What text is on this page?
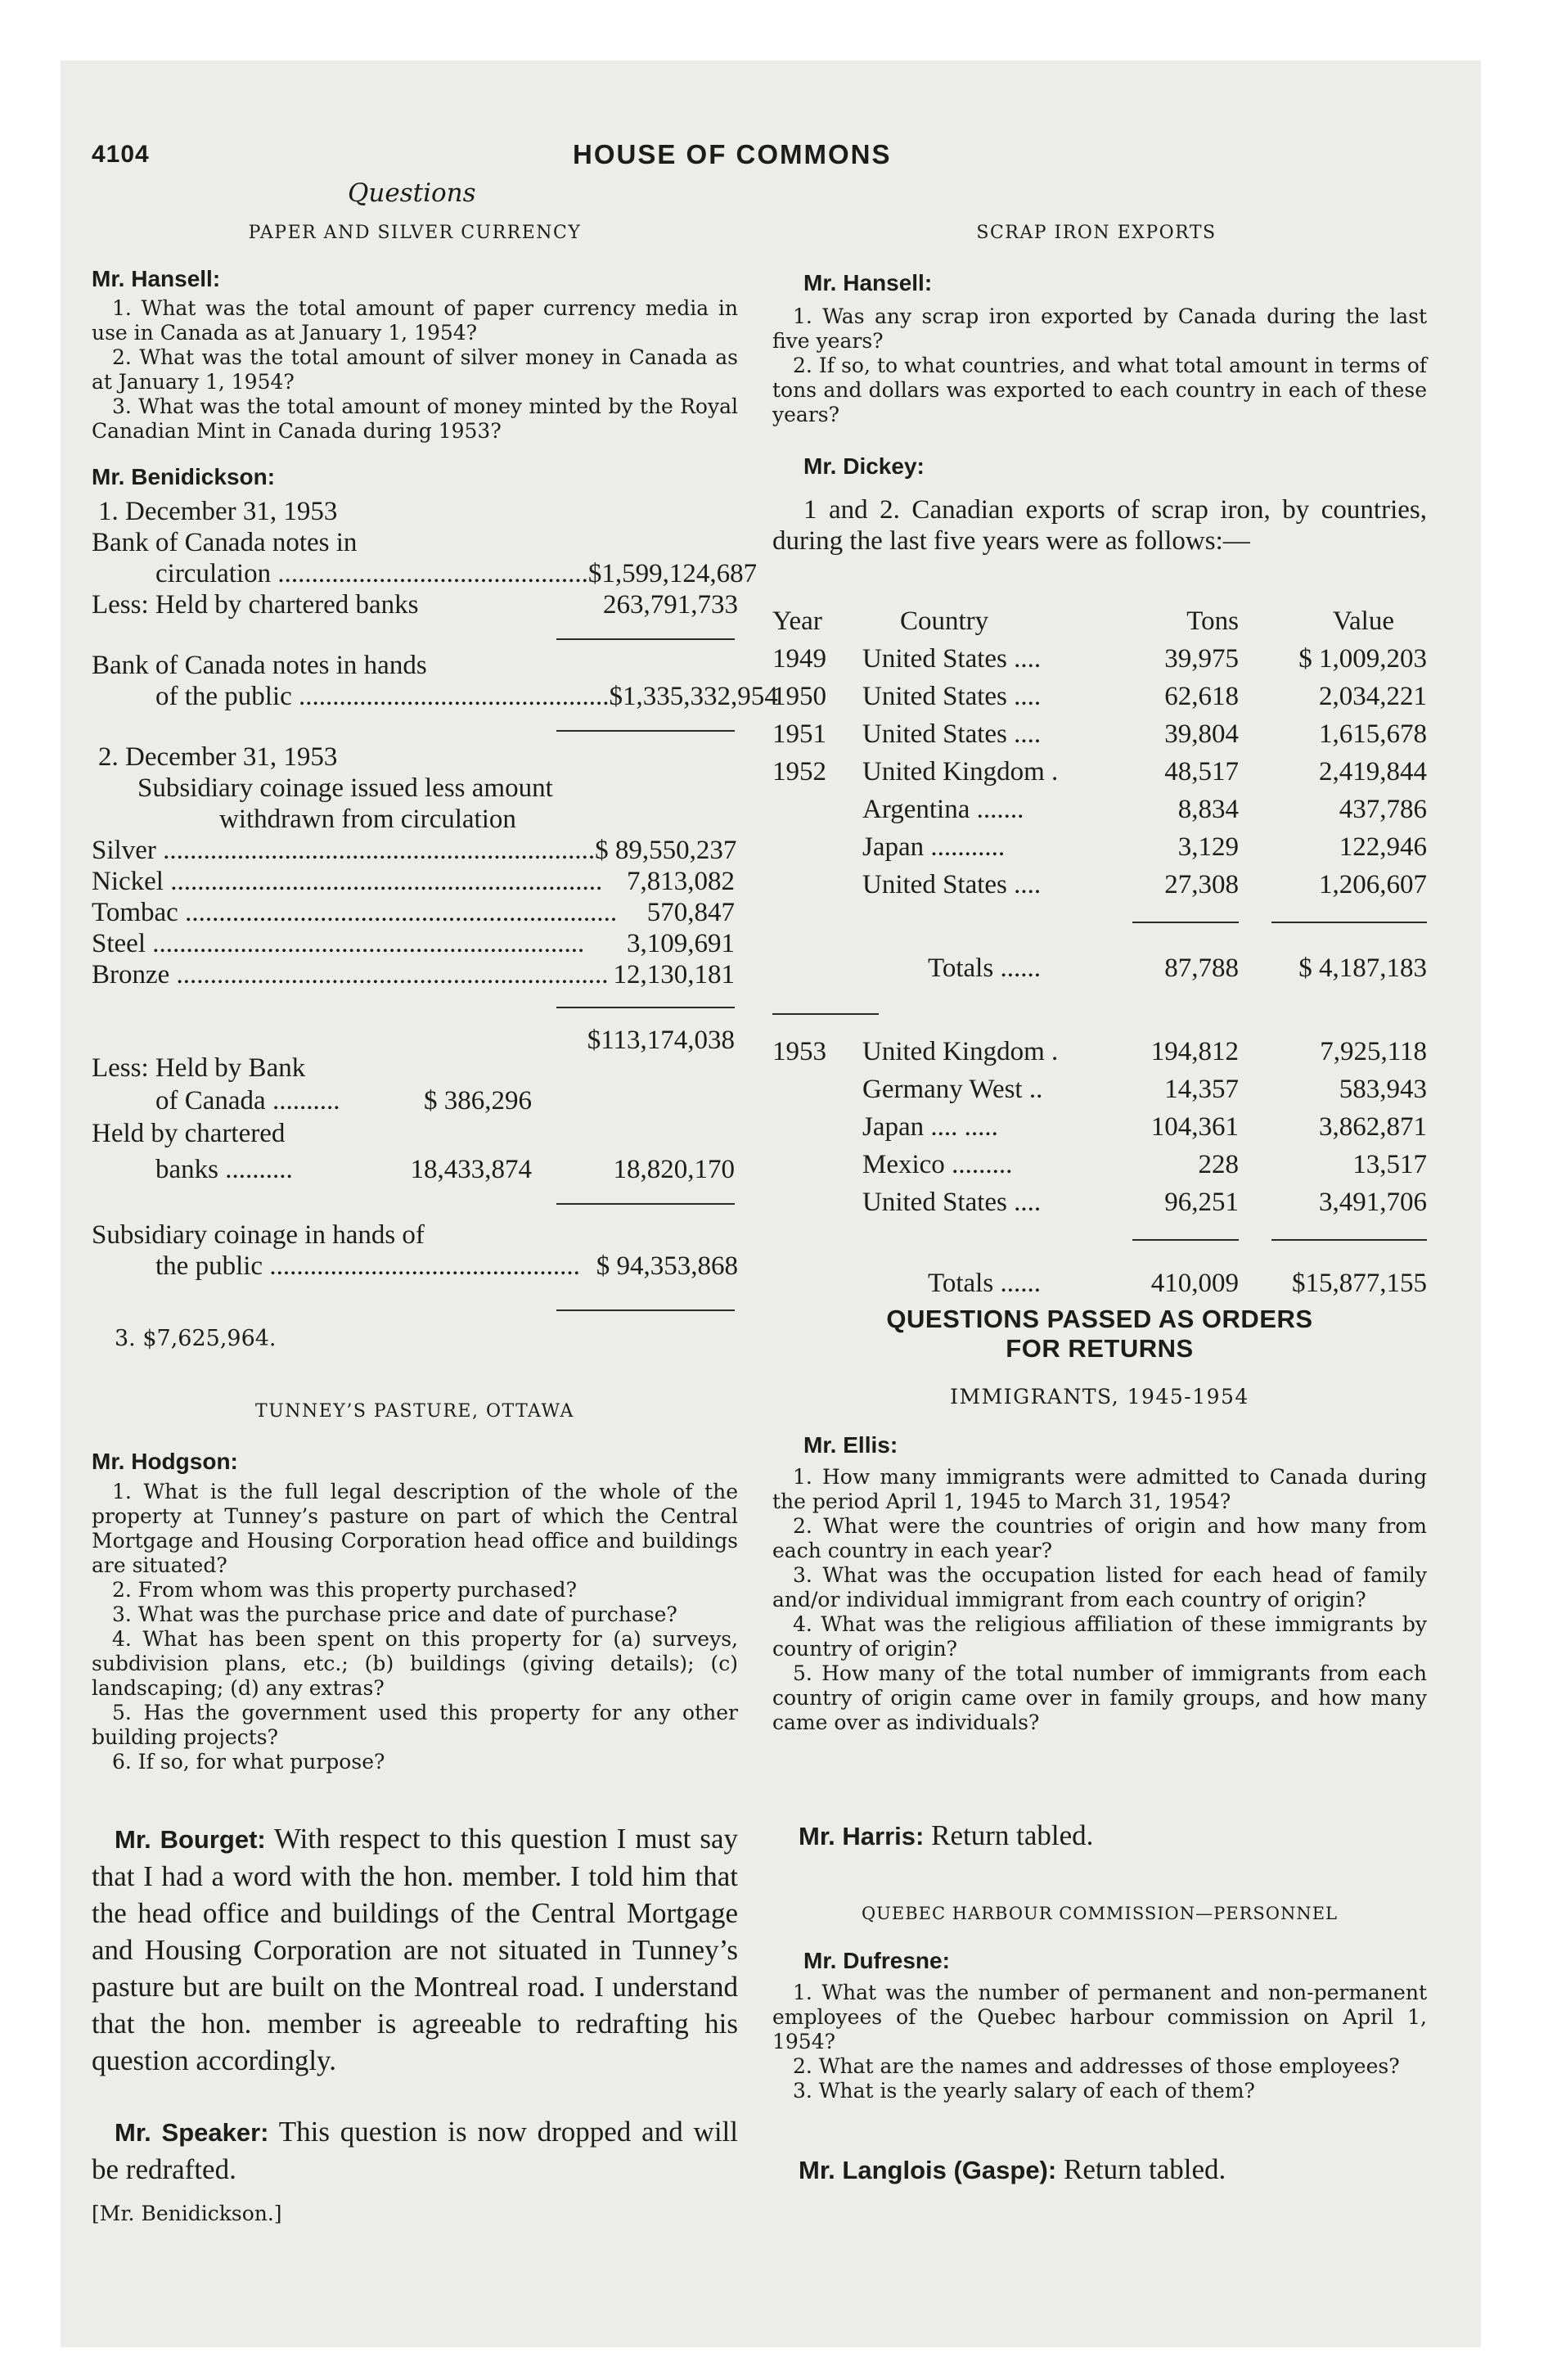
4104	HOUSE OF COMMONS
Questions
PAPER AND SILVER CURRENCY
Mr. Hansell:

1. What was the total amount of paper currency media in use in Canada as at January 1, 1954?

2. What was the total amount of silver money in Canada as at January 1, 1954?

3. What was the total amount of money minted by the Royal Canadian Mint in Canada during 1953?

Mr. Benidickson:
1. December 31, 1953
Bank of Canada notes in
circulation .............................................. $1,599,124,687
Less: Held by chartered banks	263,791,733
Bank of Canada notes in hands
of the public .............................................. $1,335,332,954
2. December 31, 1953
Subsidiary coinage issued less amount
withdrawn from circulation
Silver ................................................................ $ 89,550,237
Nickel ................................................................ 7,813,082
Tombac ................................................................	570,847
Steel ................................................................	3,109,691
Bronze ................................................................ 12,130,181
$113,174,038
Less: Held by Bank
of Canada ..........	$ 386,296
Held by chartered
banks ..........	18,433,874	18,820,170
Subsidiary coinage in hands of
the public .............................................. $ 94,353,868
3. $7,625,964.
TUNNEY’S PASTURE, OTTAWA
Mr. Hodgson:

1. What is the full legal description of the whole of the property at Tunney’s pasture on part of which the Central Mortgage and Housing Corporation head office and buildings are situated?

2. From whom was this property purchased?

3. What was the purchase price and date of purchase?

4. What has been spent on this property for (a) surveys, subdivision plans, etc.; (b) buildings (giving details); (c) landscaping; (d) any extras?

5. Has the government used this property for any other building projects?

6. If so, for what purpose?

Mr. Bourget: With respect to this question I must say that I had a word with the hon. member. I told him that the head office and buildings of the Central Mortgage and Housing Corporation are not situated in Tunney’s pasture but are built on the Montreal road. I understand that the hon. member is agreeable to redrafting his question accordingly.
Mr. Speaker: This question is now dropped and will be redrafted.
[Mr. Benidickson.]
SCRAP IRON EXPORTS
Mr. Hansell:

1. Was any scrap iron exported by Canada during the last five years?

2. If so, to what countries, and what total amount in terms of tons and dollars was exported to each country in each of these years?

Mr. Dickey:
1 and 2. Canadian exports of scrap iron, by countries, during the last five years were as follows:—
Year	Country	Tons	Value
1949	United States ....	39,975	$ 1,009,203
1950	United States ....	62,618	2,034,221
1951	United States ....	39,804	1,615,678
1952	United Kingdom .	48,517	2,419,844
	Argentina .......	8,834	437,786
	Japan ...........	3,129	122,946
	United States ....	27,308	1,206,607

	Totals ......	87,788	$ 4,187,183

1953	United Kingdom .	194,812	7,925,118
	Germany West ..	14,357	583,943
	Japan .... .....	104,361	3,862,871
	Mexico .........	228	13,517
	United States ....	96,251	3,491,706

	Totals ......	410,009	$15,877,155
QUESTIONS PASSED AS ORDERS
FOR RETURNS
IMMIGRANTS, 1945-1954
Mr. Ellis:

1. How many immigrants were admitted to Canada during the period April 1, 1945 to March 31, 1954?

2. What were the countries of origin and how many from each country in each year?

3. What was the occupation listed for each head of family and/or individual immigrant from each country of origin?

4. What was the religious affiliation of these immigrants by country of origin?

5. How many of the total number of immigrants from each country of origin came over in family groups, and how many came over as individuals?

Mr. Harris: Return tabled.
QUEBEC HARBOUR COMMISSION—PERSONNEL
Mr. Dufresne:

1. What was the number of permanent and non-permanent employees of the Quebec harbour commission on April 1, 1954?

2. What are the names and addresses of those employees?

3. What is the yearly salary of each of them?

Mr. Langlois (Gaspe): Return tabled.
